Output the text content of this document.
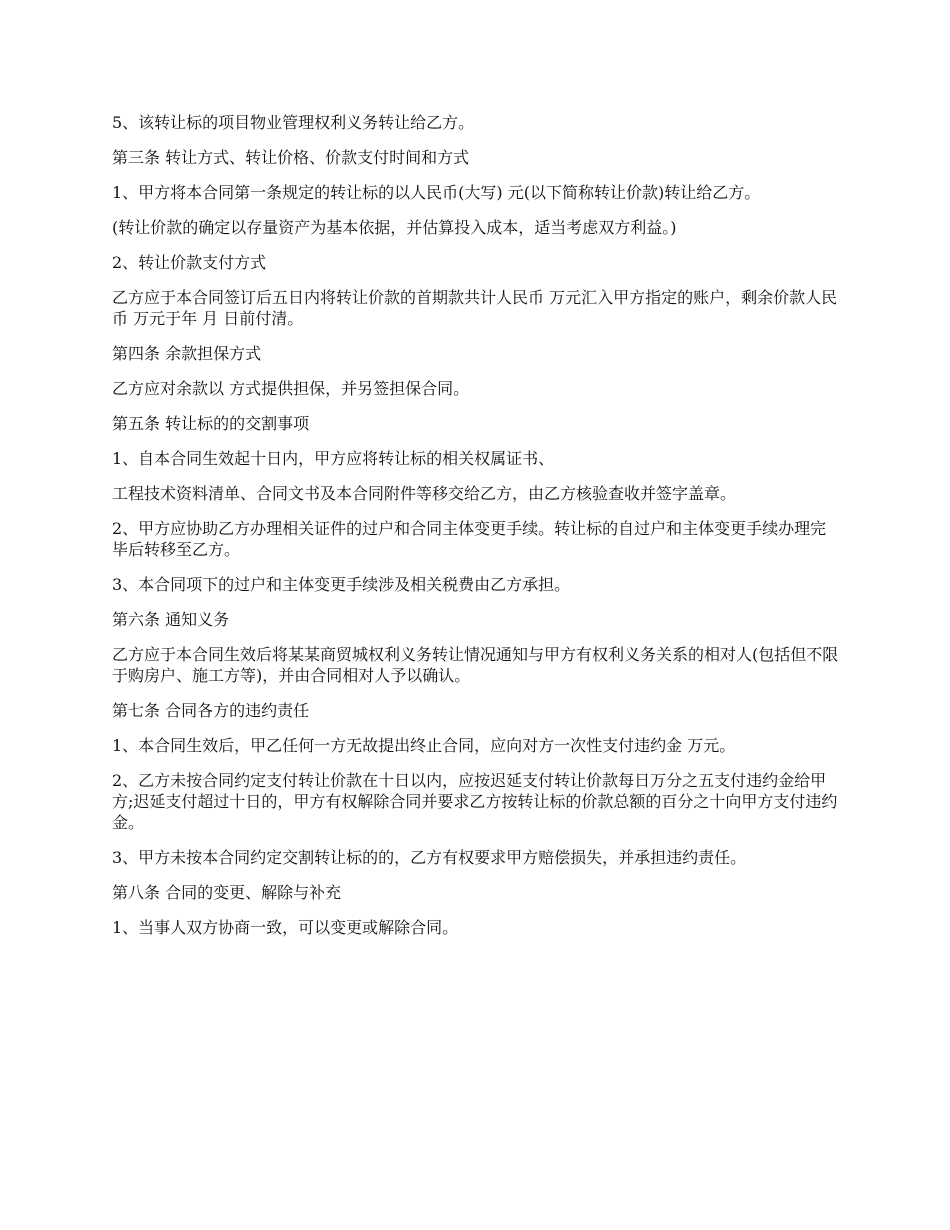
5、该转让标的项目物业管理权利义务转让给乙方。

第三条 转让方式、转让价格、价款支付时间和方式

1、甲方将本合同第一条规定的转让标的以人民币(大写) 元(以下简称转让价款)转让给乙方。

(转让价款的确定以存量资产为基本依据，并估算投入成本，适当考虑双方利益。)

2、转让价款支付方式

乙方应于本合同签订后五日内将转让价款的首期款共计人民币 万元汇入甲方指定的账户，剩余价款人民币 万元于年 月 日前付清。

第四条 余款担保方式

乙方应对余款以 方式提供担保，并另签担保合同。

第五条 转让标的的交割事项

1、自本合同生效起十日内，甲方应将转让标的相关权属证书、

工程技术资料清单、合同文书及本合同附件等移交给乙方，由乙方核验查收并签字盖章。

2、甲方应协助乙方办理相关证件的过户和合同主体变更手续。转让标的自过户和主体变更手续办理完毕后转移至乙方。

3、本合同项下的过户和主体变更手续涉及相关税费由乙方承担。

第六条 通知义务

乙方应于本合同生效后将某某商贸城权利义务转让情况通知与甲方有权利义务关系的相对人(包括但不限于购房户、施工方等)，并由合同相对人予以确认。

第七条 合同各方的违约责任

1、本合同生效后，甲乙任何一方无故提出终止合同，应向对方一次性支付违约金 万元。

2、乙方未按合同约定支付转让价款在十日以内，应按迟延支付转让价款每日万分之五支付违约金给甲方;迟延支付超过十日的，甲方有权解除合同并要求乙方按转让标的价款总额的百分之十向甲方支付违约金。

3、甲方未按本合同约定交割转让标的的，乙方有权要求甲方赔偿损失，并承担违约责任。

第八条 合同的变更、解除与补充

1、当事人双方协商一致，可以变更或解除合同。
